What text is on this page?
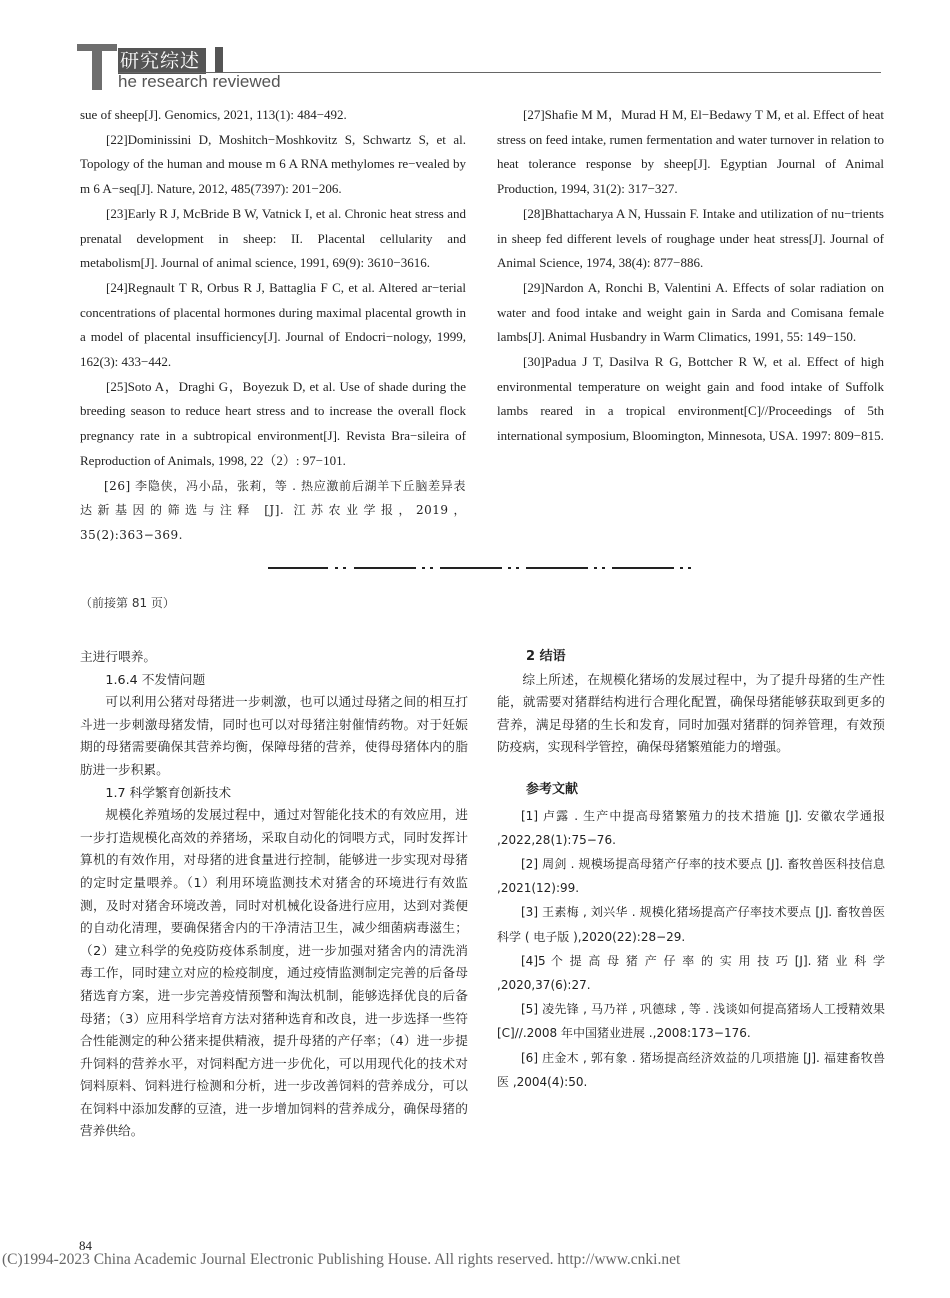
研究综述
he research reviewed
sue of sheep[J]. Genomics, 2021, 113(1): 484−492.
[22]Dominissini D, Moshitch−Moshkovitz S, Schwartz S, et al. Topology of the human and mouse m 6 A RNA methylomes re−vealed by m 6 A−seq[J]. Nature, 2012, 485(7397): 201−206.
[23]Early R J, McBride B W, Vatnick I, et al. Chronic heat stress and prenatal development in sheep: II. Placental cellularity and metabolism[J]. Journal of animal science, 1991, 69(9): 3610−3616.
[24]Regnault T R, Orbus R J, Battaglia F C, et al. Altered ar−terial concentrations of placental hormones during maximal placental growth in a model of placental insufficiency[J]. Journal of Endocri−nology, 1999, 162(3): 433−442.
[25]Soto A，Draghi G，Boyezuk D, et al. Use of shade during the breeding season to reduce heart stress and to increase the overall flock pregnancy rate in a subtropical environment[J]. Revista Bra−sileira of Reproduction of Animals, 1998, 22（2）: 97−101.
[26] 李隐侠，冯小品，张莉，等 . 热应激前后湖羊下丘脑差异表达新基因的筛选与注释 [J]. 江苏农业学报，2019，35(2):363−369.
[27]Shafie M M，Murad H M, El−Bedawy T M, et al. Effect of heat stress on feed intake, rumen fermentation and water turnover in relation to heat tolerance response by sheep[J]. Egyptian Journal of Animal Production, 1994, 31(2): 317−327.
[28]Bhattacharya A N, Hussain F. Intake and utilization of nu−trients in sheep fed different levels of roughage under heat stress[J]. Journal of Animal Science, 1974, 38(4): 877−886.
[29]Nardon A, Ronchi B, Valentini A. Effects of solar radiation on water and food intake and weight gain in Sarda and Comisana female lambs[J]. Animal Husbandry in Warm Climatics, 1991, 55: 149−150.
[30]Padua J T, Dasilva R G, Bottcher R W, et al. Effect of high environmental temperature on weight gain and food intake of Suffolk lambs reared in a tropical environment[C]//Proceedings of 5th international symposium, Bloomington, Minnesota, USA. 1997: 809−815.
（前接第 81 页）

主进行喂养。

1.6.4 不发情问题

可以利用公猪对母猪进一步刺激，也可以通过母猪之间的相互打斗进一步刺激母猪发情，同时也可以对母猪注射催情药物。对于妊娠期的母猪需要确保其营养均衡，保障母猪的营养，使得母猪体内的脂肪进一步积累。

1.7 科学繁育创新技术

规模化养殖场的发展过程中，通过对智能化技术的有效应用，进一步打造规模化高效的养猪场，采取自动化的饲喂方式，同时发挥计算机的有效作用，对母猪的进食量进行控制，能够进一步实现对母猪的定时定量喂养。（1）利用环境监测技术对猪舍的环境进行有效监测，及时对猪舍环境改善，同时对机械化设备进行应用，达到对粪便的自动化清理，要确保猪舍内的干净清洁卫生，减少细菌病毒滋生；（2）建立科学的免疫防疫体系制度，进一步加强对猪舍内的清洗消毒工作，同时建立对应的检疫制度，通过疫情监测制定完善的后备母猪选育方案，进一步完善疫情预警和淘汰机制，能够选择优良的后备母猪；（3）应用科学培育方法对猪种选育和改良，进一步选择一些符合性能测定的种公猪来提供精液，提升母猪的产仔率；（4）进一步提升饲料的营养水平，对饲料配方进一步优化，可以用现代化的技术对饲料原料、饲料进行检测和分析，进一步改善饲料的营养成分，可以在饲料中添加发酵的豆渣，进一步增加饲料的营养成分，确保母猪的营养供给。

2 结语

综上所述，在规模化猪场的发展过程中，为了提升母猪的生产性能，就需要对猪群结构进行合理化配置，确保母猪能够获取到更多的营养，满足母猪的生长和发育，同时加强对猪群的饲养管理，有效预防疫病，实现科学管控，确保母猪繁殖能力的增强。

参考文献

[1] 卢露 . 生产中提高母猪繁殖力的技术措施 [J]. 安徽农学通报 ,2022,28(1):75−76.

[2] 周剑 . 规模场提高母猪产仔率的技术要点 [J]. 畜牧兽医科技信息 ,2021(12):99.

[3] 王素梅 , 刘兴华 . 规模化猪场提高产仔率技术要点 [J]. 畜牧兽医科学 ( 电子版 ),2020(22):28−29.

[4]5 个 提 高 母 猪 产 仔 率 的 实 用 技 巧 [J]. 猪 业 科 学 ,2020,37(6):27.

[5] 凌先锋 , 马乃祥 , 巩德球 , 等 . 浅谈如何提高猪场人工授精效果 [C]//.2008 年中国猪业进展 .,2008:173−176.

[6] 庄金木 , 郭有象 . 猪场提高经济效益的几项措施 [J]. 福建畜牧兽医 ,2004(4):50.

84
(C)1994-2023 China Academic Journal Electronic Publishing House. All rights reserved. http://www.cnki.net
